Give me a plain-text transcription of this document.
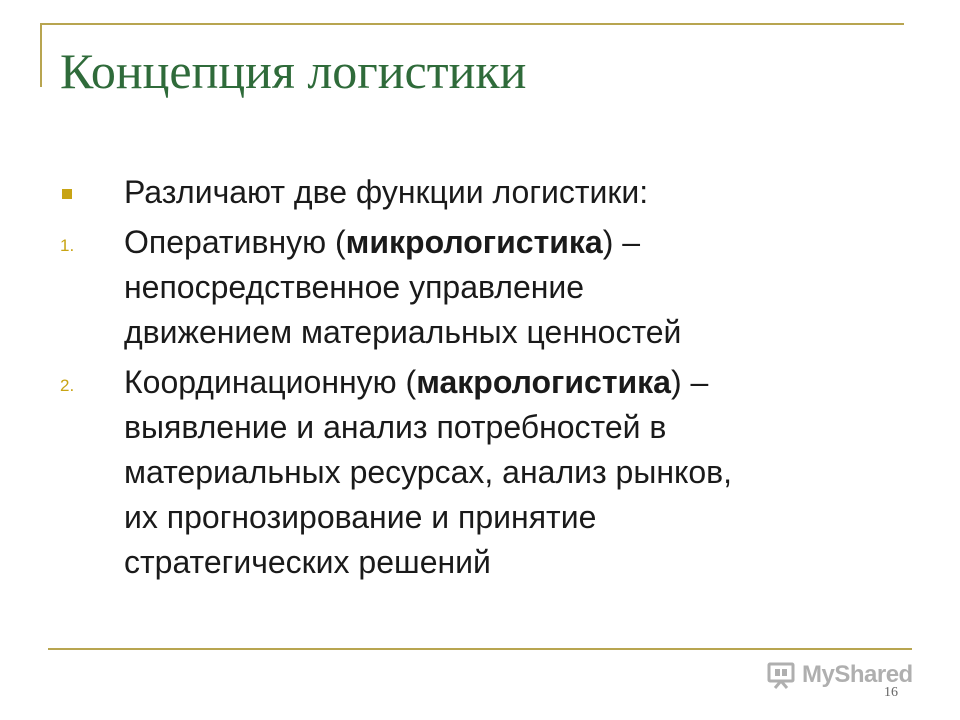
Концепция логистики
Различают две функции логистики:
1. Оперативную (микрологистика) –
непосредственное управление
движением материальных ценностей
2. Координационную (макрологистика) –
выявление и анализ потребностей в
материальных ресурсах, анализ рынков,
их прогнозирование и принятие
стратегических решений
MyShared
16
